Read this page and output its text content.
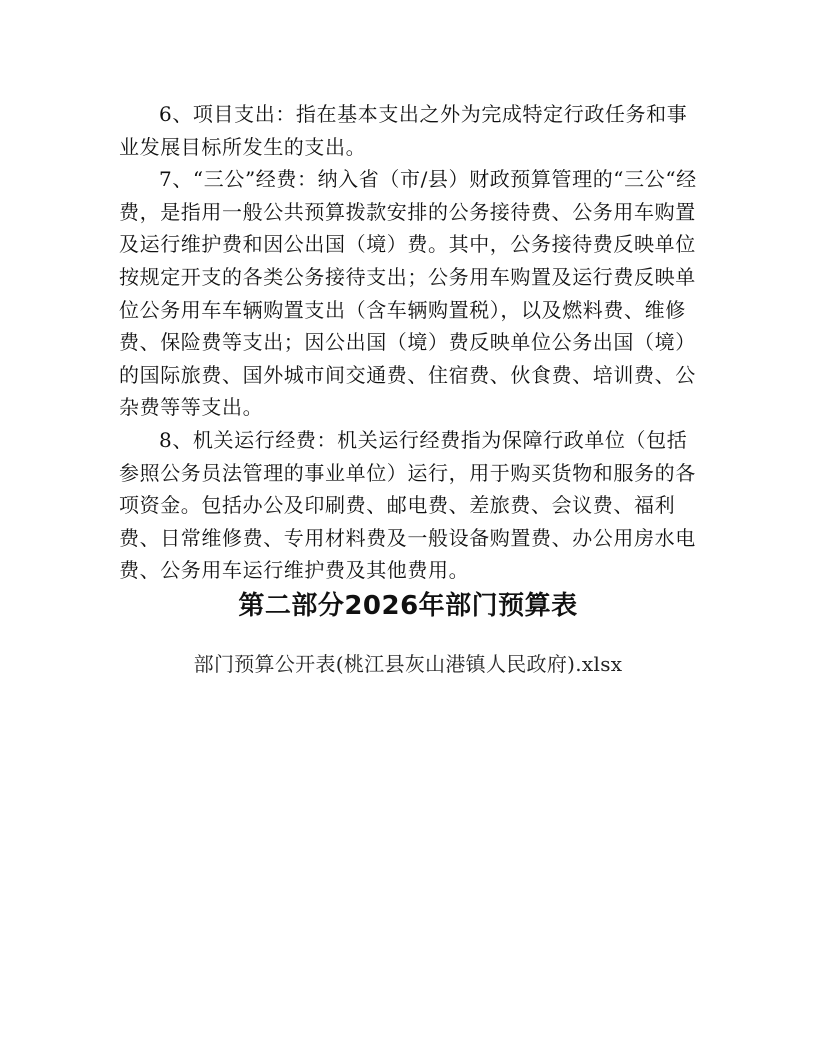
6、项目支出：指在基本支出之外为完成特定行政任务和事业发展目标所发生的支出。

7、“三公”经费：纳入省（市/县）财政预算管理的“三公“经费，是指用一般公共预算拨款安排的公务接待费、公务用车购置及运行维护费和因公出国（境）费。其中，公务接待费反映单位按规定开支的各类公务接待支出；公务用车购置及运行费反映单位公务用车车辆购置支出（含车辆购置税），以及燃料费、维修费、保险费等支出；因公出国（境）费反映单位公务出国（境）的国际旅费、国外城市间交通费、住宿费、伙食费、培训费、公杂费等等支出。

8、机关运行经费：机关运行经费指为保障行政单位（包括参照公务员法管理的事业单位）运行，用于购买货物和服务的各项资金。包括办公及印刷费、邮电费、差旅费、会议费、福利费、日常维修费、专用材料费及一般设备购置费、办公用房水电费、公务用车运行维护费及其他费用。

第二部分2026年部门预算表
部门预算公开表(桃江县灰山港镇人民政府).xlsx
